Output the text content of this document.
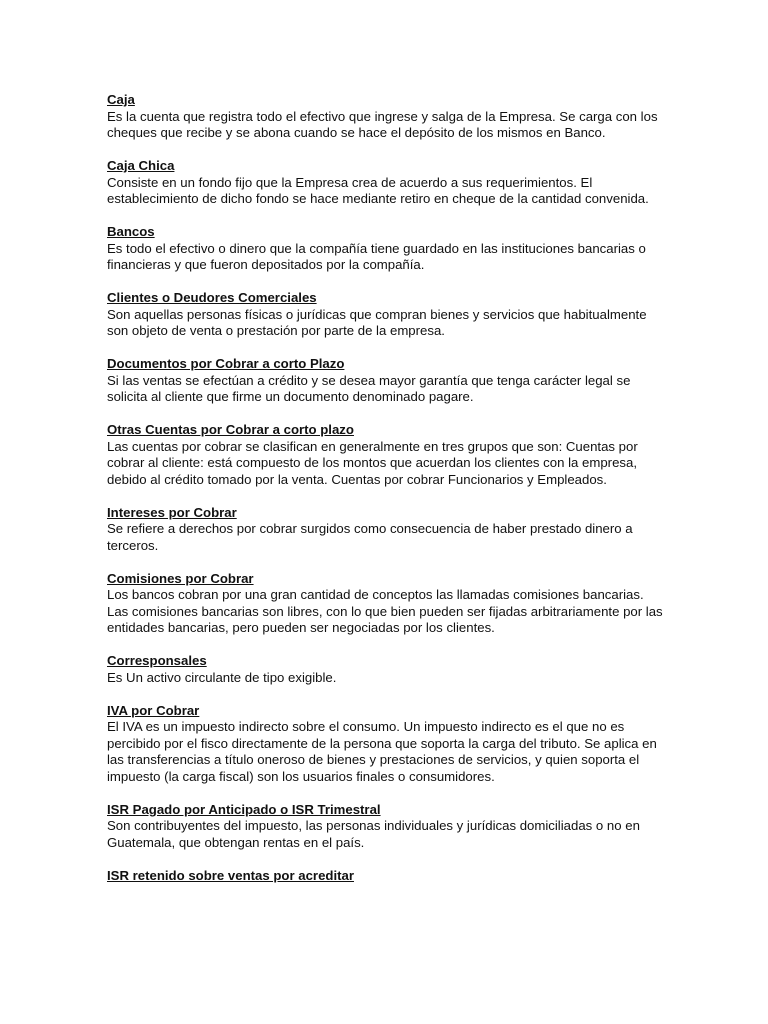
Caja
Es la cuenta que registra todo el efectivo que ingrese y salga de la Empresa. Se carga con los cheques que recibe y se abona cuando se hace el depósito de los mismos en Banco.
Caja Chica
Consiste en un fondo fijo que la Empresa crea de acuerdo a sus requerimientos. El establecimiento de dicho fondo se hace mediante retiro en cheque de la cantidad convenida.
Bancos
Es todo el efectivo o dinero que la compañía tiene guardado en las instituciones bancarias o financieras y que fueron depositados por la compañía.
Clientes o Deudores Comerciales
Son aquellas personas físicas o jurídicas que compran bienes y servicios que habitualmente son objeto de venta o prestación por parte de la empresa.
Documentos por Cobrar a corto Plazo
Si las ventas se efectúan a crédito y se desea mayor garantía que tenga carácter legal se solicita al cliente que firme un documento denominado pagare.
Otras Cuentas por Cobrar a corto plazo
Las cuentas por cobrar se clasifican en generalmente en tres grupos que son: Cuentas por cobrar al cliente: está compuesto de los montos que acuerdan los clientes con la empresa, debido al crédito tomado por la venta. Cuentas por cobrar Funcionarios y Empleados.
Intereses por Cobrar
Se refiere a derechos por cobrar surgidos como consecuencia de haber prestado dinero a terceros.
Comisiones por Cobrar
Los bancos cobran por una gran cantidad de conceptos las llamadas comisiones bancarias. Las comisiones bancarias son libres, con lo que bien pueden ser fijadas arbitrariamente por las entidades bancarias, pero pueden ser negociadas por los clientes.
Corresponsales
Es Un activo circulante de tipo exigible.
IVA por Cobrar
El IVA es un impuesto indirecto sobre el consumo. Un impuesto indirecto es el que no es percibido por el fisco directamente de la persona que soporta la carga del tributo. Se aplica en las transferencias a título oneroso de bienes y prestaciones de servicios, y quien soporta el impuesto (la carga fiscal) son los usuarios finales o consumidores.
ISR Pagado por Anticipado o ISR Trimestral
Son contribuyentes del impuesto, las personas individuales y jurídicas domiciliadas o no en Guatemala, que obtengan rentas en el país.
ISR retenido sobre ventas por acreditar
